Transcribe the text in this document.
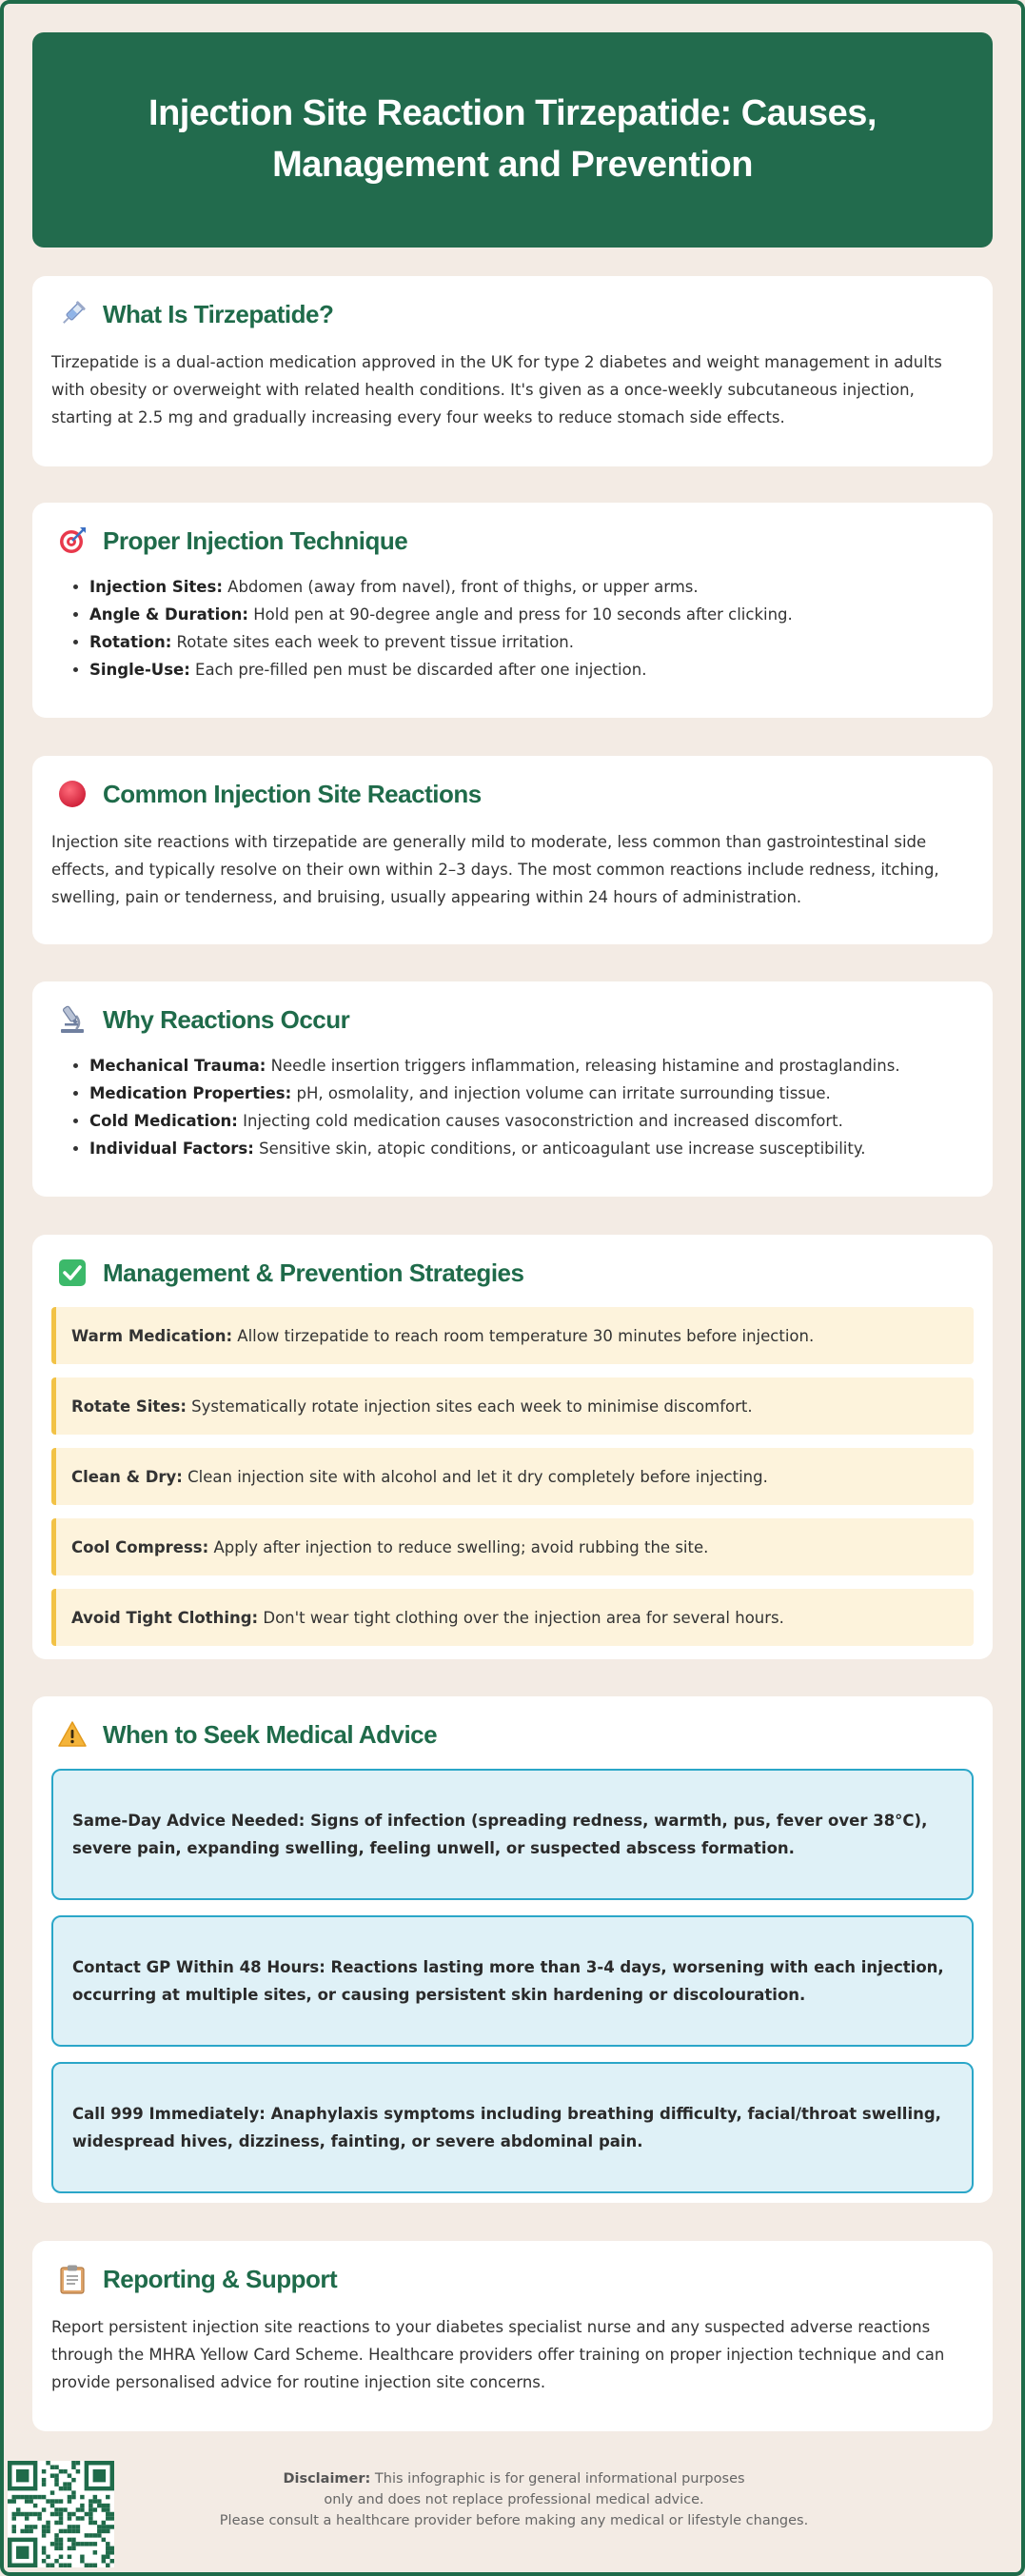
Injection Site Reaction Tirzepatide: Causes, Management and Prevention
What Is Tirzepatide?

Tirzepatide is a dual-action medication approved in the UK for type 2 diabetes and weight management in adults with obesity or overweight with related health conditions. It's given as a once-weekly subcutaneous injection, starting at 2.5 mg and gradually increasing every four weeks to reduce stomach side effects.

Proper Injection Technique
• Injection Sites: Abdomen (away from navel), front of thighs, or upper arms.
• Angle & Duration: Hold pen at 90-degree angle and press for 10 seconds after clicking.
• Rotation: Rotate sites each week to prevent tissue irritation.
• Single-Use: Each pre-filled pen must be discarded after one injection.
Common Injection Site Reactions

Injection site reactions with tirzepatide are generally mild to moderate, less common than gastrointestinal side effects, and typically resolve on their own within 2–3 days. The most common reactions include redness, itching, swelling, pain or tenderness, and bruising, usually appearing within 24 hours of administration.

Why Reactions Occur
• Mechanical Trauma: Needle insertion triggers inflammation, releasing histamine and prostaglandins.
• Medication Properties: pH, osmolality, and injection volume can irritate surrounding tissue.
• Cold Medication: Injecting cold medication causes vasoconstriction and increased discomfort.
• Individual Factors: Sensitive skin, atopic conditions, or anticoagulant use increase susceptibility.
Management & Prevention Strategies
Warm Medication: Allow tirzepatide to reach room temperature 30 minutes before injection.
Rotate Sites: Systematically rotate injection sites each week to minimise discomfort.
Clean & Dry: Clean injection site with alcohol and let it dry completely before injecting.
Cool Compress: Apply after injection to reduce swelling; avoid rubbing the site.
Avoid Tight Clothing: Don't wear tight clothing over the injection area for several hours.
When to Seek Medical Advice
Same-Day Advice Needed: Signs of infection (spreading redness, warmth, pus, fever over 38°C), severe pain, expanding swelling, feeling unwell, or suspected abscess formation.
Contact GP Within 48 Hours: Reactions lasting more than 3-4 days, worsening with each injection, occurring at multiple sites, or causing persistent skin hardening or discolouration.
Call 999 Immediately: Anaphylaxis symptoms including breathing difficulty, facial/throat swelling, widespread hives, dizziness, fainting, or severe abdominal pain.
Reporting & Support

Report persistent injection site reactions to your diabetes specialist nurse and any suspected adverse reactions through the MHRA Yellow Card Scheme. Healthcare providers offer training on proper injection technique and can provide personalised advice for routine injection site concerns.

Disclaimer: This infographic is for general informational purposes
only and does not replace professional medical advice.
Please consult a healthcare provider before making any medical or lifestyle changes.
